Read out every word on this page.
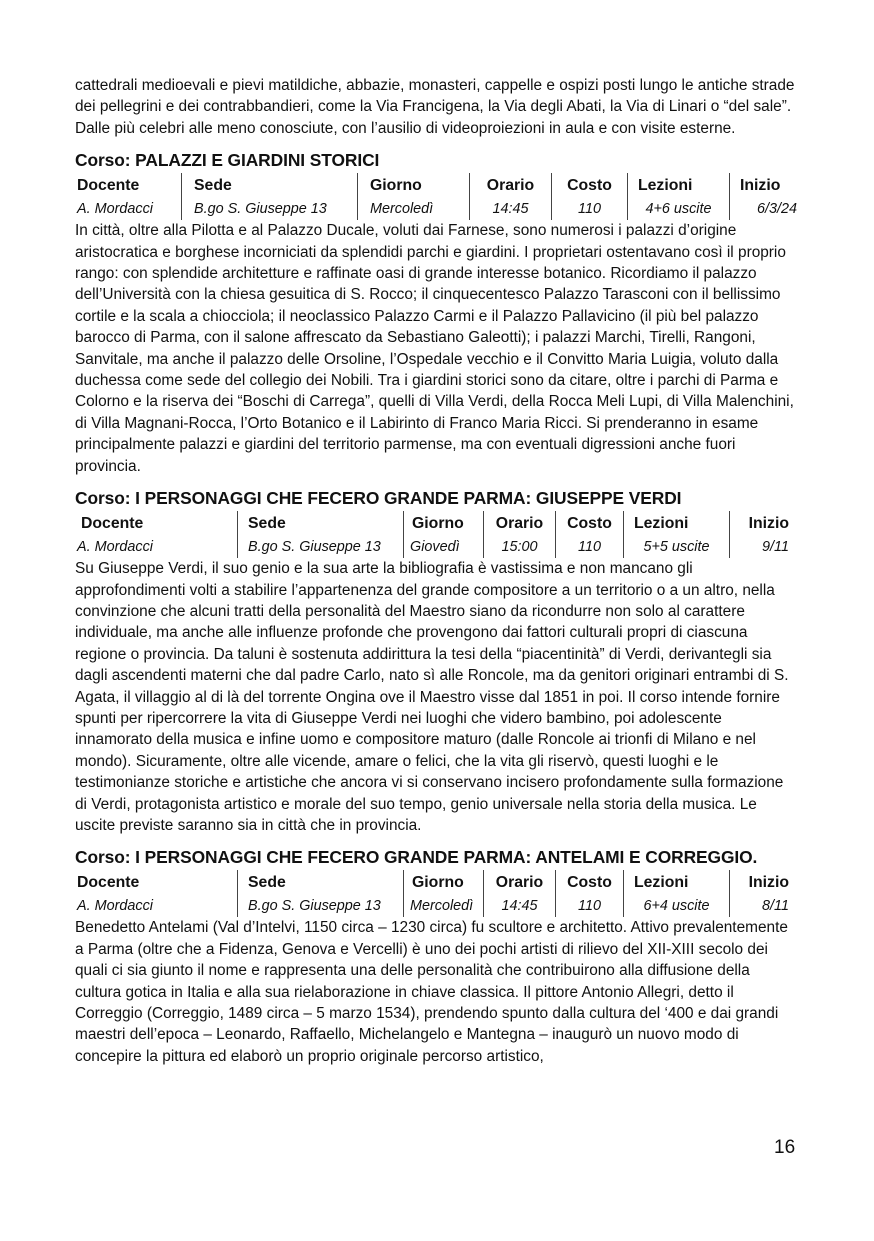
cattedrali medioevali e pievi matildiche, abbazie, monasteri, cappelle e ospizi posti lungo le antiche strade dei pellegrini e dei contrabbandieri, come la Via Francigena, la Via degli Abati, la Via di Linari o “del sale”. Dalle più celebri alle meno conosciute, con l’ausilio di videoproiezioni in aula e con visite esterne.

Corso: PALAZZI E GIARDINI STORICI
Docente	Sede	Giorno	Orario	Costo	Lezioni	Inizio
A. Mordacci	B.go S. Giuseppe 13	Mercoledì	14:45	110	4+6 uscite	6/3/24

In città, oltre alla Pilotta e al Palazzo Ducale, voluti dai Farnese, sono numerosi i palazzi d’origine aristocratica e borghese incorniciati da splendidi parchi e giardini. I proprietari ostentavano così il proprio rango: con splendide architetture e raffinate oasi di grande interesse botanico. Ricordiamo il palazzo dell’Università con la chiesa gesuitica di S. Rocco; il cinquecentesco Palazzo Tarasconi con il bellissimo cortile e la scala a chiocciola; il neoclassico Palazzo Carmi e il Palazzo Pallavicino (il più bel palazzo barocco di Parma, con il salone affrescato da Sebastiano Galeotti); i palazzi Marchi, Tirelli, Rangoni, Sanvitale, ma anche il palazzo delle Orsoline, l’Ospedale vecchio e il Convitto Maria Luigia, voluto dalla duchessa come sede del collegio dei Nobili. Tra i giardini storici sono da citare, oltre i parchi di Parma e Colorno e la riserva dei “Boschi di Carrega”, quelli di Villa Verdi, della Rocca Meli Lupi, di Villa Malenchini, di Villa Magnani-Rocca, l’Orto Botanico e il Labirinto di Franco Maria Ricci. Si prenderanno in esame principalmente palazzi e giardini del territorio parmense, ma con eventuali digressioni anche fuori provincia.

Corso: I PERSONAGGI CHE FECERO GRANDE PARMA: GIUSEPPE VERDI
Docente	Sede	Giorno	Orario	Costo	Lezioni	Inizio
A. Mordacci	B.go S. Giuseppe 13	Giovedì	15:00	110	5+5 uscite	9/11

Su Giuseppe Verdi, il suo genio e la sua arte la bibliografia è vastissima e non mancano gli approfondimenti volti a stabilire l’appartenenza del grande compositore a un territorio o a un altro, nella convinzione che alcuni tratti della personalità del Maestro siano da ricondurre non solo al carattere individuale, ma anche alle influenze profonde che provengono dai fattori culturali propri di ciascuna regione o provincia. Da taluni è sostenuta addirittura la tesi della “piacentinità” di Verdi, derivantegli sia dagli ascendenti materni che dal padre Carlo, nato sì alle Roncole, ma da genitori originari entrambi di S. Agata, il villaggio al di là del torrente Ongina ove il Maestro visse dal 1851 in poi. Il corso intende fornire spunti per ripercorrere la vita di Giuseppe Verdi nei luoghi che videro bambino, poi adolescente innamorato della musica e infine uomo e compositore maturo (dalle Roncole ai trionfi di Milano e nel mondo). Sicuramente, oltre alle vicende, amare o felici, che la vita gli riservò, questi luoghi e le testimonianze storiche e artistiche che ancora vi si conservano incisero profondamente sulla formazione di Verdi, protagonista artistico e morale del suo tempo, genio universale nella storia della musica. Le uscite previste saranno sia in città che in provincia.

Corso: I PERSONAGGI CHE FECERO GRANDE PARMA: ANTELAMI E CORREGGIO.
Docente	Sede	Giorno	Orario	Costo	Lezioni	Inizio
A. Mordacci	B.go S. Giuseppe 13	Mercoledì	14:45	110	6+4 uscite	8/11

Benedetto Antelami (Val d’Intelvi, 1150 circa – 1230 circa) fu scultore e architetto. Attivo prevalentemente a Parma (oltre che a Fidenza, Genova e Vercelli) è uno dei pochi artisti di rilievo del XII-XIII secolo dei quali ci sia giunto il nome e rappresenta una delle personalità che contribuirono alla diffusione della cultura gotica in Italia e alla sua rielaborazione in chiave classica. Il pittore Antonio Allegri, detto il Correggio (Correggio, 1489 circa – 5 marzo 1534), prendendo spunto dalla cultura del ‘400 e dai grandi maestri dell’epoca – Leonardo, Raffaello, Michelangelo e Mantegna – inaugurò un nuovo modo di concepire la pittura ed elaborò un proprio originale percorso artistico,

16
